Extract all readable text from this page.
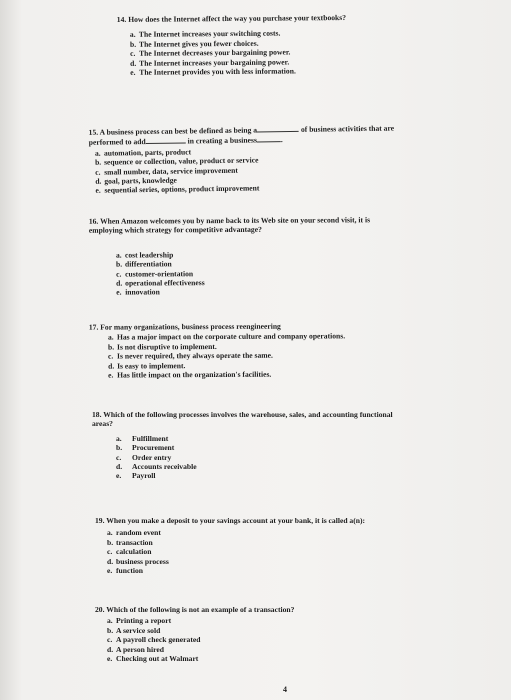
14. How does the Internet affect the way you purchase your textbooks?
a. The Internet increases your switching costs.
b. The Internet gives you fewer choices.
c. The Internet decreases your bargaining power.
d. The Internet increases your bargaining power.
e. The Internet provides you with less information.
15. A business process can best be defined as being a	of business activities that are
performed to add	in creating a business	.
a. automation, parts, product
b. sequence or collection, value, product or service
c. small number, data, service improvement
d. goal, parts, knowledge
e. sequential series, options, product improvement
16. When Amazon welcomes you by name back to its Web site on your second visit, it is
employing which strategy for competitive advantage?
a. cost leadership
b. differentiation
c. customer-orientation
d. operational effectiveness
e. innovation
17. For many organizations, business process reengineering
a. Has a major impact on the corporate culture and company operations.
b. Is not disruptive to implement.
c. Is never required, they always operate the same.
d. Is easy to implement.
e. Has little impact on the organization's facilities.
18. Which of the following processes involves the warehouse, sales, and accounting functional
areas?
a. Fulfillment
b. Procurement
c. Order entry
d. Accounts receivable
e. Payroll
19. When you make a deposit to your savings account at your bank, it is called a(n):
a. random event
b. transaction
c. calculation
d. business process
e. function
20. Which of the following is not an example of a transaction?
a. Printing a report
b. A service sold
c. A payroll check generated
d. A person hired
e. Checking out at Walmart
4
